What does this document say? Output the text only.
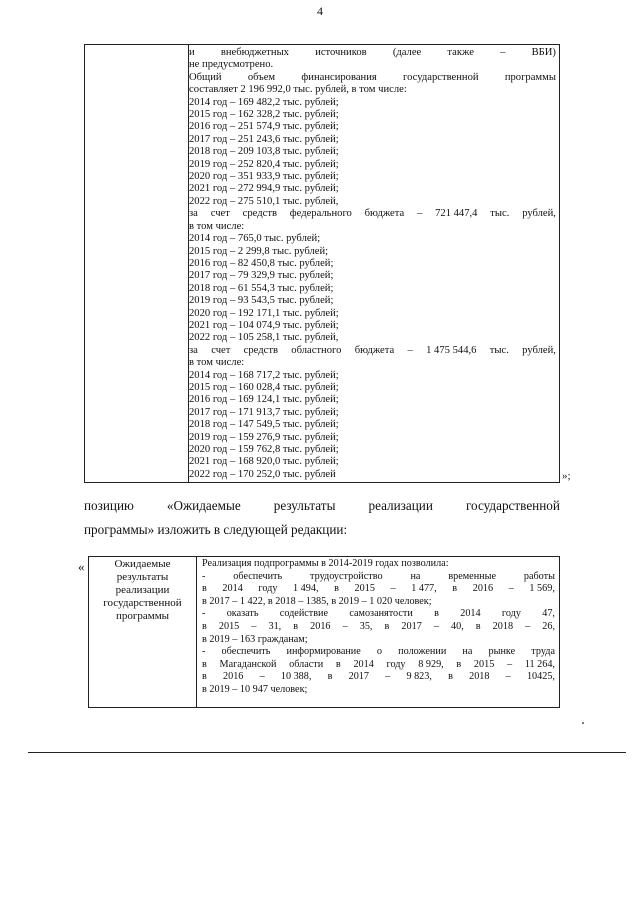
4
и внебюджетных источников (далее также – ВБИ)
не предусмотрено.
Общий объем финансирования государственной программы
составляет 2 196 992,0 тыс. рублей, в том числе:
2014 год – 169 482,2 тыс. рублей;
2015 год – 162 328,2 тыс. рублей;
2016 год – 251 574,9 тыс. рублей;
2017 год – 251 243,6 тыс. рублей;
2018 год – 209 103,8 тыс. рублей;
2019 год – 252 820,4 тыс. рублей;
2020 год – 351 933,9 тыс. рублей;
2021 год – 272 994,9 тыс. рублей;
2022 год – 275 510,1 тыс. рублей,
за счет средств федерального бюджета – 721 447,4 тыс. рублей,
в том числе:
2014 год – 765,0 тыс. рублей;
2015 год – 2 299,8 тыс. рублей;
2016 год – 82 450,8 тыс. рублей;
2017 год – 79 329,9 тыс. рублей;
2018 год – 61 554,3 тыс. рублей;
2019 год – 93 543,5 тыс. рублей;
2020 год – 192 171,1 тыс. рублей;
2021 год – 104 074,9 тыс. рублей;
2022 год – 105 258,1 тыс. рублей,
за счет средств областного бюджета – 1 475 544,6 тыс. рублей,
в том числе:
2014 год – 168 717,2 тыс. рублей;
2015 год – 160 028,4 тыс. рублей;
2016 год – 169 124,1 тыс. рублей;
2017 год – 171 913,7 тыс. рублей;
2018 год – 147 549,5 тыс. рублей;
2019 год – 159 276,9 тыс. рублей;
2020 год – 159 762,8 тыс. рублей;
2021 год – 168 920,0 тыс. рублей;
2022 год – 170 252,0 тыс. рублей	»;
позицию	«Ожидаемые	результаты	реализации	государственной
программы» изложить в следующей редакции:
«	Ожидаемые
результаты
реализации
государственной
программы
Реализация подпрограммы в 2014-2019 годах позволила:
-	обеспечить	трудоустройство	на	временные	работы
в 2014 году 1 494, в 2015 – 1 477, в 2016 – 1 569,
в 2017 – 1 422, в 2018 – 1385, в 2019 – 1 020 человек;
- оказать содействие самозанятости в 2014 году 47,
в 2015 – 31, в 2016 – 35, в 2017 – 40, в 2018 – 26,
в 2019 – 163 гражданам;
- обеспечить информирование о положении на рынке труда
в Магаданской области в 2014 году 8 929, в 2015 – 11 264,
в 2016 – 10 388, в 2017 – 9 823, в 2018 – 10425,
в 2019 – 10 947 человек;
